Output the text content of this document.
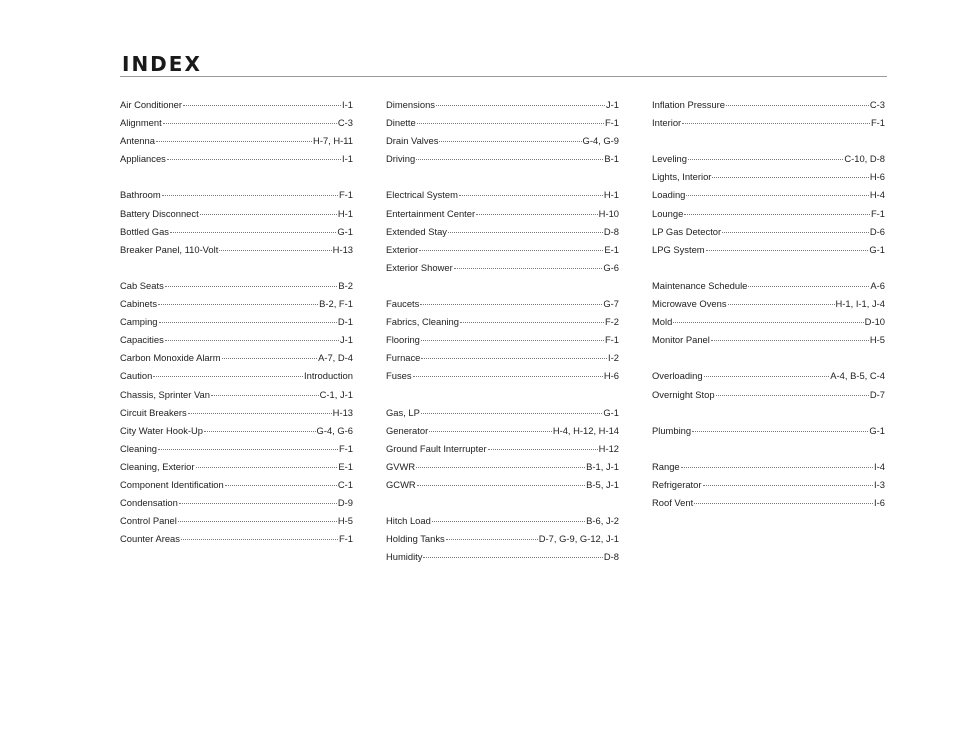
INDEX
Air Conditioner	I-1
Alignment	C-3
Antenna	H-7, H-11
Appliances	I-1
Bathroom	F-1
Battery Disconnect	H-1
Bottled Gas	G-1
Breaker Panel, 110-Volt	H-13
Cab Seats	B-2
Cabinets	B-2, F-1
Camping	D-1
Capacities	J-1
Carbon Monoxide Alarm	A-7, D-4
Caution	Introduction
Chassis, Sprinter Van	C-1, J-1
Circuit Breakers	H-13
City Water Hook-Up	G-4, G-6
Cleaning	F-1
Cleaning, Exterior	E-1
Component Identification	C-1
Condensation	D-9
Control Panel	H-5
Counter Areas	F-1
Dimensions	J-1
Dinette	F-1
Drain Valves	G-4, G-9
Driving	B-1
Electrical System	H-1
Entertainment Center	H-10
Extended Stay	D-8
Exterior	E-1
Exterior Shower	G-6
Faucets	G-7
Fabrics, Cleaning	F-2
Flooring	F-1
Furnace	I-2
Fuses	H-6
Gas, LP	G-1
Generator	H-4, H-12, H-14
Ground Fault Interrupter	H-12
GVWR	B-1, J-1
GCWR	B-5, J-1
Hitch Load	B-6, J-2
Holding Tanks	D-7, G-9, G-12, J-1
Humidity	D-8
Inflation Pressure	C-3
Interior	F-1
Leveling	C-10, D-8
Lights, Interior	H-6
Loading	H-4
Lounge	F-1
LP Gas Detector	D-6
LPG System	G-1
Maintenance Schedule	A-6
Microwave Ovens	H-1, I-1, J-4
Mold	D-10
Monitor Panel	H-5
Overloading	A-4, B-5, C-4
Overnight Stop	D-7
Plumbing	G-1
Range	I-4
Refrigerator	I-3
Roof Vent	I-6
